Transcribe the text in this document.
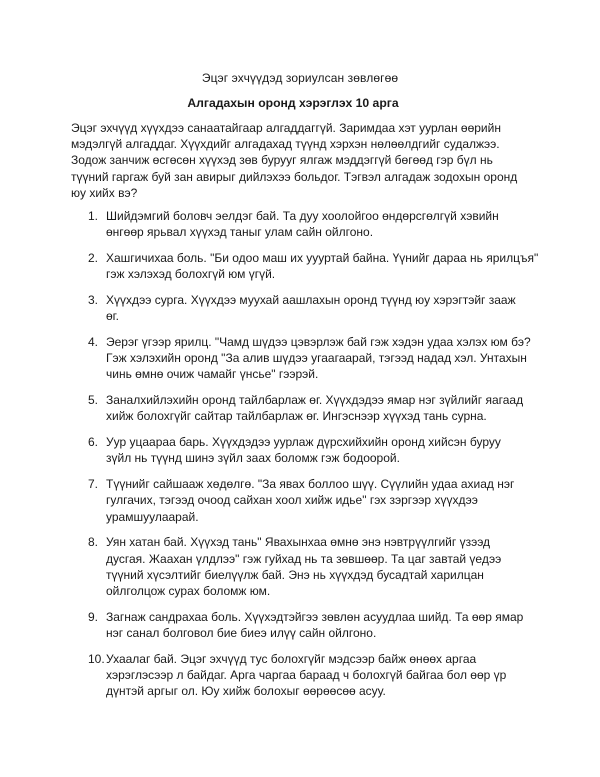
Эцэг эхчүүдэд зориулсан зөвлөгөө
Алгадахын оронд хэрэглэх 10 арга
Эцэг эхчүүд хүүхдээ санаатайгаар алгаддаггүй. Заримдаа хэт уурлан өөрийн
мэдэлгүй алгаддаг. Хүүхдийг алгадахад түүнд хэрхэн нөлөөлдгийг судалжээ.
Зодож занчиж өсгөсөн хүүхэд зөв бурууг ялгаж мэддэггүй бөгөөд гэр бүл нь
түүний гаргаж буй зан авирыг дийлэхээ больдог. Тэгвэл алгадаж зодохын оронд
юу хийх вэ?
1. Шийдэмгий боловч эелдэг бай. Та дуу хоолойгоо өндөрсгөлгүй хэвийн
өнгөөр ярьвал хүүхэд таныг улам сайн ойлгоно.
2. Хашгичихаа боль. "Би одоо маш их уууртай байна. Үүнийг дараа нь ярилцъя"
гэж хэлэхэд болохгүй юм үгүй.
3. Хүүхдээ сурга. Хүүхдээ муухай аашлахын оронд түүнд юу хэрэгтэйг зааж
өг.
4. Эерэг үгээр ярилц. "Чамд шүдээ цэвэрлэж бай гэж хэдэн удаа хэлэх юм бэ?
Гэж хэлэхийн оронд "За алив шүдээ угаагаарай, тэгээд надад хэл. Унтахын
чинь өмнө очиж чамайг үнсье" гээрэй.
5. Заналхийлэхийн оронд тайлбарлаж өг. Хүүхдэдээ ямар нэг зүйлийг яагаад
хийж болохгүйг сайтар тайлбарлаж өг. Ингэснээр хүүхэд тань сурна.
6. Уур уцаараа барь. Хүүхдэдээ уурлаж дүрсхийхийн оронд хийсэн буруу
зүйл нь түүнд шинэ зүйл заах боломж гэж бодоорой.
7. Түүнийг сайшааж хөдөлгө. "За явах боллоо шүү. Сүүлийн удаа ахиад нэг
гулгачих, тэгээд очоод сайхан хоол хийж идье" гэх зэргээр хүүхдээ
урамшуулаарай.
8. Уян хатан бай. Хүүхэд тань" Явахынхаа өмнө энэ нэвтрүүлгийг үзээд
дусгая. Жаахан үлдлээ" гэж гуйхад нь та зөвшөөр. Та цаг завтай үедээ
түүний хүсэлтийг биелүүлж бай. Энэ нь хүүхдэд бусадтай харилцан
ойлголцож сурах боломж юм.
9. Загнаж сандрахаа боль. Хүүхэдтэйгээ зөвлөн асуудлаа шийд. Та өөр ямар
нэг санал болговол бие биеэ илүү сайн ойлгоно.
10. Ухаалаг бай. Эцэг эхчүүд тус болохгүйг мэдсээр байж өнөөх аргаа
хэрэглэсээр л байдаг. Арга чаргаа бараад ч болохгүй байгаа бол өөр үр
дүнтэй аргыг ол. Юу хийж болохыг өөрөөсөө асуу.
